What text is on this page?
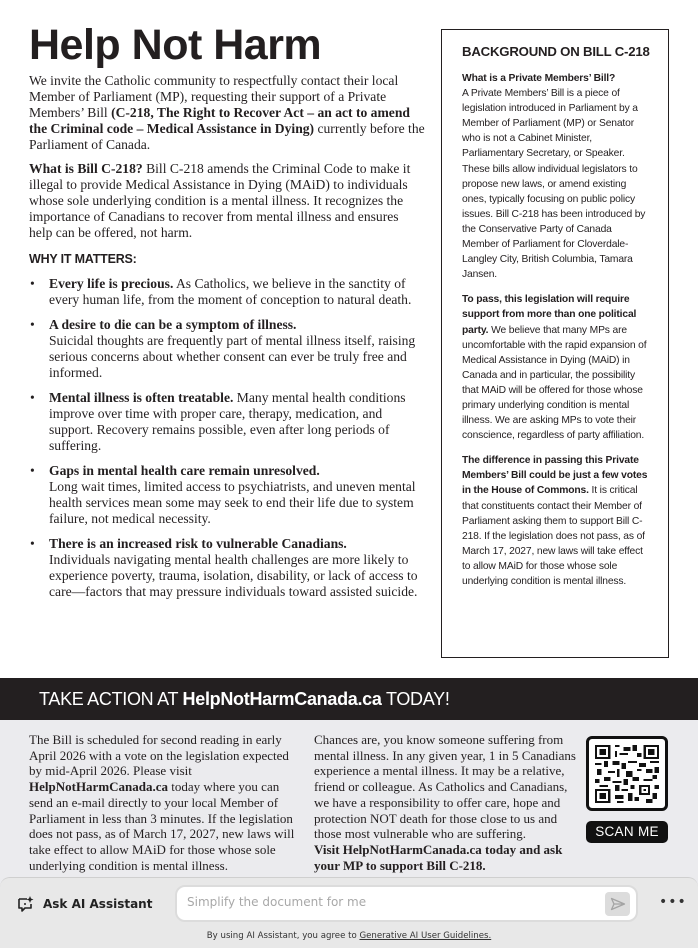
Help Not Harm

We invite the Catholic community to respectfully contact their local Member of Parliament (MP), requesting their support of a Private Members’ Bill (C-218, The Right to Recover Act – an act to amend the Criminal code – Medical Assistance in Dying) currently before the Parliament of Canada.

What is Bill C-218? Bill C-218 amends the Criminal Code to make it illegal to provide Medical Assistance in Dying (MAiD) to individuals whose sole underlying condition is a mental illness. It recognizes the importance of Canadians to recover from mental illness and ensures help can be offered, not harm.

WHY IT MATTERS:
• Every life is precious. As Catholics, we believe in the sanctity of every human life, from the moment of conception to natural death.
• A desire to die can be a symptom of illness.
Suicidal thoughts are frequently part of mental illness itself, raising serious concerns about whether consent can ever be truly free and informed.
• Mental illness is often treatable. Many mental health conditions improve over time with proper care, therapy, medication, and support. Recovery remains possible, even after long periods of suffering.
• Gaps in mental health care remain unresolved.
Long wait times, limited access to psychiatrists, and uneven mental health services mean some may seek to end their life due to system failure, not medical necessity.
• There is an increased risk to vulnerable Canadians.
Individuals navigating mental health challenges are more likely to experience poverty, trauma, isolation, disability, or lack of access to care—factors that may pressure individuals toward assisted suicide.
BACKGROUND ON BILL C-218

What is a Private Members’ Bill?
A Private Members’ Bill is a piece of legislation introduced in Parliament by a Member of Parliament (MP) or Senator who is not a Cabinet Minister, Parliamentary Secretary, or Speaker. These bills allow individual legislators to propose new laws, or amend existing ones, typically focusing on public policy issues. Bill C-218 has been introduced by the Conservative Party of Canada Member of Parliament for Cloverdale-Langley City, British Columbia, Tamara Jansen.

To pass, this legislation will require support from more than one political party. We believe that many MPs are uncomfortable with the rapid expansion of Medical Assistance in Dying (MAiD) in Canada and in particular, the possibility that MAiD will be offered for those whose primary underlying condition is mental illness. We are asking MPs to vote their conscience, regardless of party affiliation.

The difference in passing this Private Members’ Bill could be just a few votes in the House of Commons. It is critical that constituents contact their Member of Parliament asking them to support Bill C-218. If the legislation does not pass, as of March 17, 2027, new laws will take effect to allow MAiD for those whose sole underlying condition is mental illness.

TAKE ACTION AT HelpNotHarmCanada.ca TODAY!
The Bill is scheduled for second reading in early April 2026 with a vote on the legislation expected by mid-April 2026. Please visit HelpNotHarmCanada.ca today where you can send an e-mail directly to your local Member of Parliament in less than 3 minutes. If the legislation does not pass, as of March 17, 2027, new laws will take effect to allow MAiD for those whose sole underlying condition is mental illness.
Chances are, you know someone suffering from mental illness. In any given year, 1 in 5 Canadians experience a mental illness. It may be a relative, friend or colleague. As Catholics and Canadians, we have a responsibility to offer care, hope and protection NOT death for those close to us and those most vulnerable who are suffering.
Visit HelpNotHarmCanada.ca today and ask your MP to support Bill C-218.
SCAN ME
Ask AI Assistant
Simplify the document for me	•••
By using AI Assistant, you agree to Generative AI User Guidelines.
